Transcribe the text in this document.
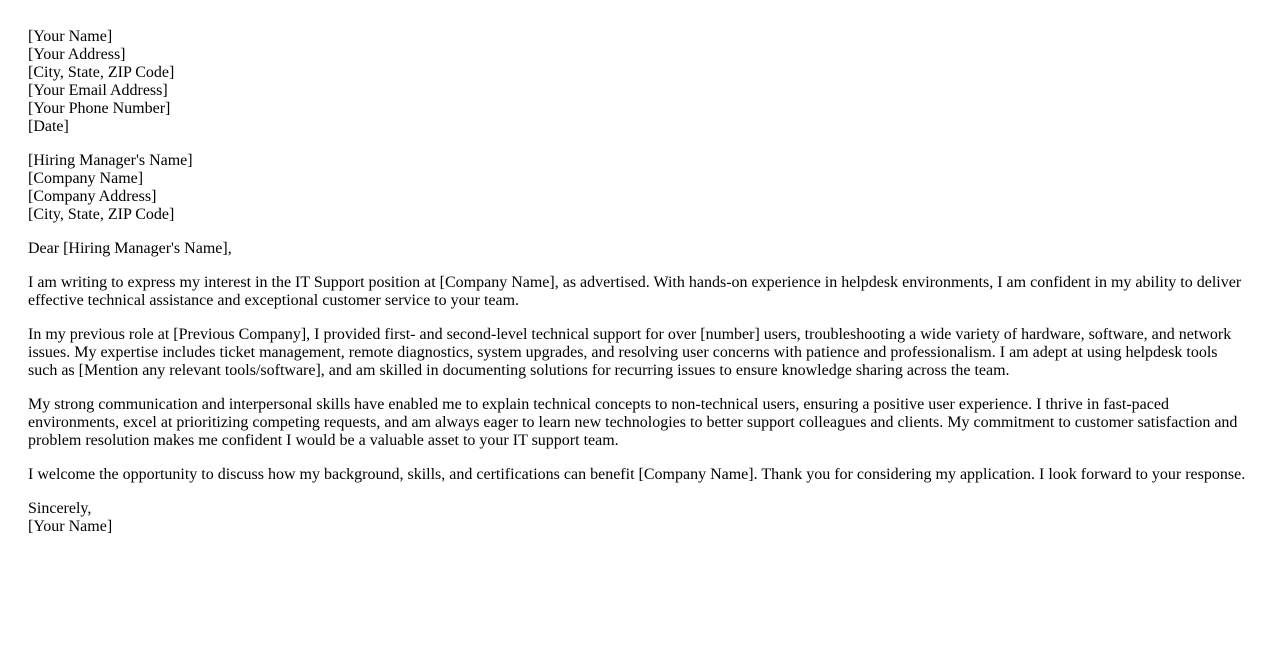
[Your Name]
[Your Address]
[City, State, ZIP Code]
[Your Email Address]
[Your Phone Number]
[Date]
[Hiring Manager's Name]
[Company Name]
[Company Address]
[City, State, ZIP Code]

Dear [Hiring Manager's Name],

I am writing to express my interest in the IT Support position at [Company Name], as advertised. With hands-on experience in helpdesk environments, I am confident in my ability to deliver effective technical assistance and exceptional customer service to your team.

In my previous role at [Previous Company], I provided first- and second-level technical support for over [number] users, troubleshooting a wide variety of hardware, software, and network issues. My expertise includes ticket management, remote diagnostics, system upgrades, and resolving user concerns with patience and professionalism. I am adept at using helpdesk tools such as [Mention any relevant tools/software], and am skilled in documenting solutions for recurring issues to ensure knowledge sharing across the team.

My strong communication and interpersonal skills have enabled me to explain technical concepts to non-technical users, ensuring a positive user experience. I thrive in fast-paced environments, excel at prioritizing competing requests, and am always eager to learn new technologies to better support colleagues and clients. My commitment to customer satisfaction and problem resolution makes me confident I would be a valuable asset to your IT support team.

I welcome the opportunity to discuss how my background, skills, and certifications can benefit [Company Name]. Thank you for considering my application. I look forward to your response.

Sincerely,
[Your Name]
